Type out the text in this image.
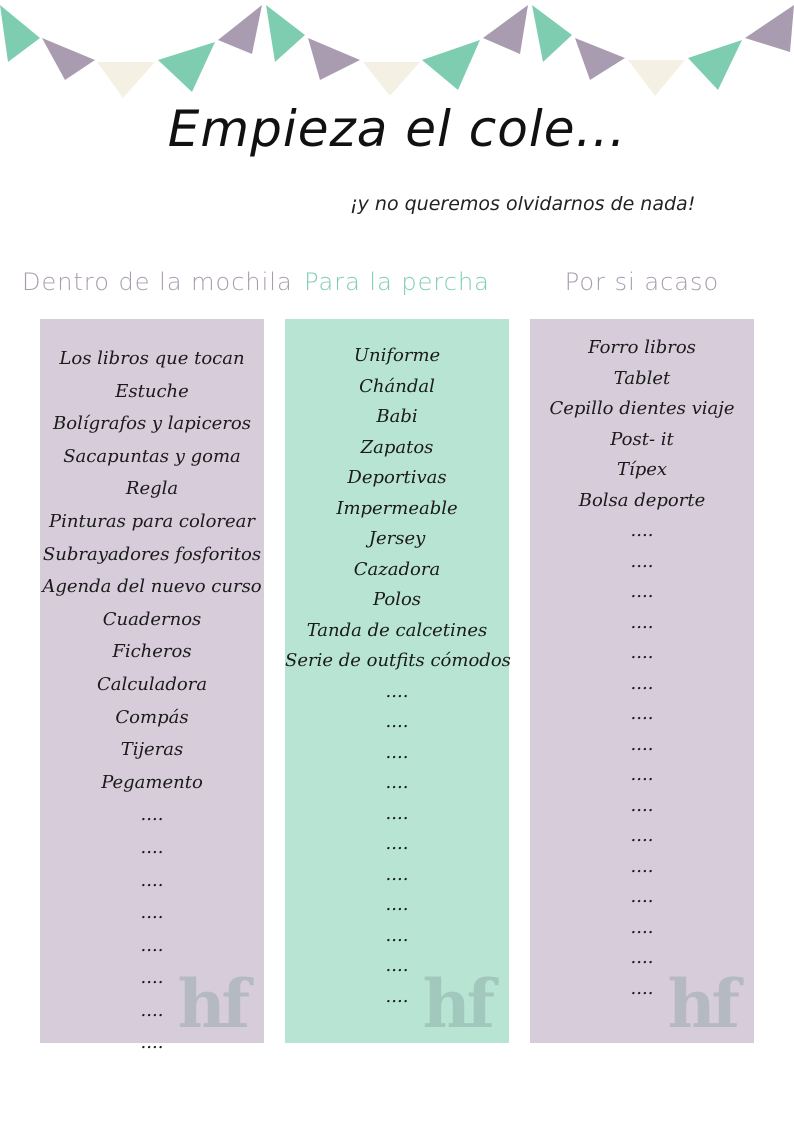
Empieza el cole...
¡y no queremos olvidarnos de nada!
Dentro de la mochila
Los libros que tocan
Estuche
Bolígrafos y lapiceros
Sacapuntas y goma
Regla
Pinturas para colorear
Subrayadores fosforitos
Agenda del nuevo curso
Cuadernos
Ficheros
Calculadora
Compás
Tijeras
Pegamento
....
....
....
....
....
....
....
.... hf
Para la percha
Uniforme
Chándal
Babi
Zapatos
Deportivas
Impermeable
Jersey
Cazadora
Polos
Tanda de calcetines
Serie de outfits cómodos
....
....
....
....
....
....
....
....
....
....
.... hf
Por si acaso
Forro libros
Tablet
Cepillo dientes viaje
Post- it
Típex
Bolsa deporte
....
....
....
....
....
....
....
....
....
....
....
....
....
....
....
.... hf
